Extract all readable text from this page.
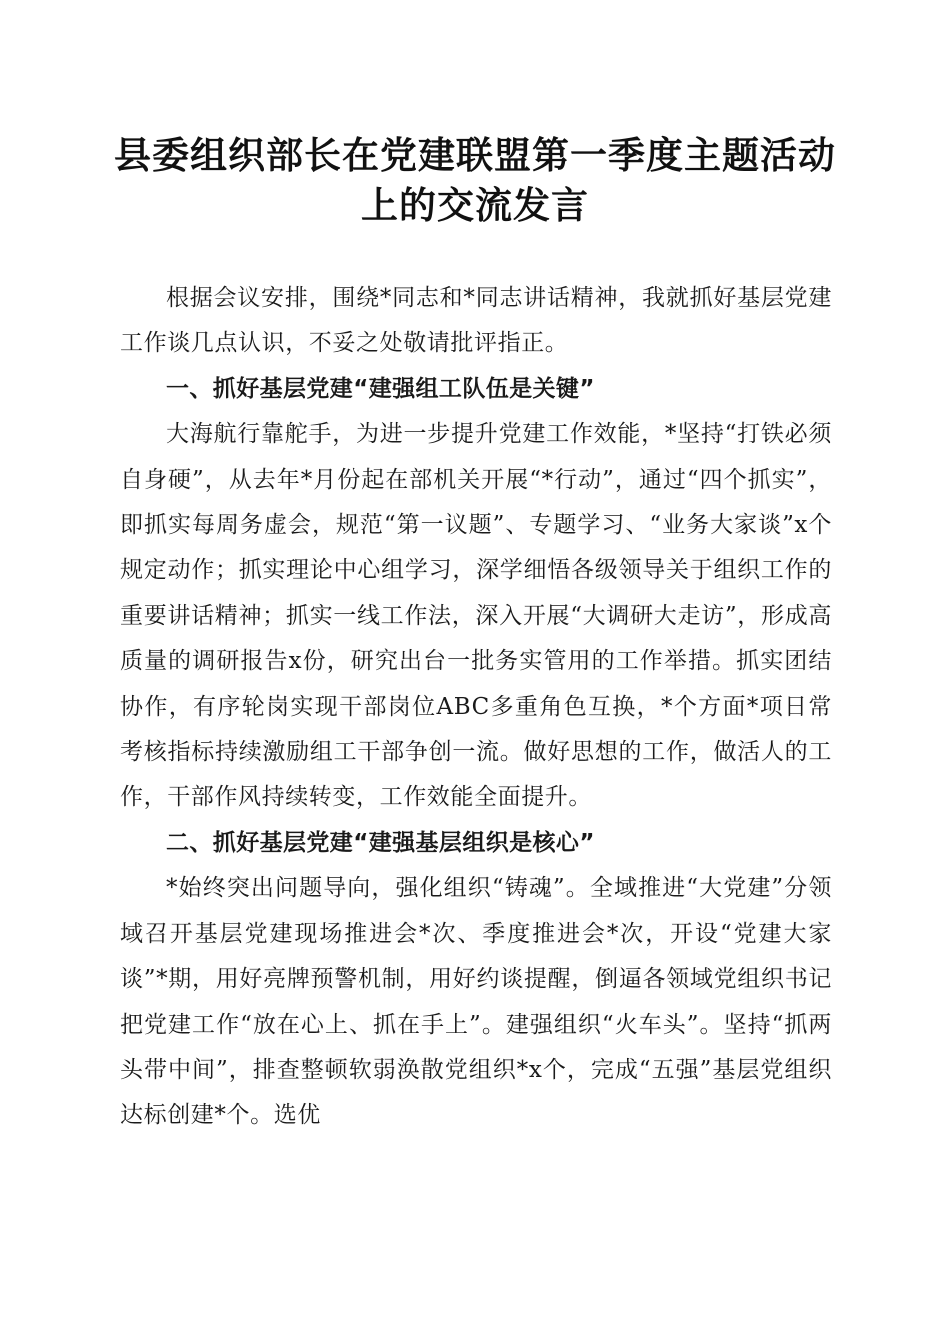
县委组织部长在党建联盟第一季度主题活动上的交流发言

根据会议安排，围绕*同志和*同志讲话精神，我就抓好基层党建工作谈几点认识，不妥之处敬请批评指正。

一、抓好基层党建“建强组工队伍是关键”

大海航行靠舵手，为进一步提升党建工作效能，*坚持“打铁必须自身硬”，从去年*月份起在部机关开展“*行动”，通过“四个抓实”，即抓实每周务虚会，规范“第一议题”、专题学习、“业务大家谈”x个规定动作；抓实理论中心组学习，深学细悟各级领导关于组织工作的重要讲话精神；抓实一线工作法，深入开展“大调研大走访”，形成高质量的调研报告x份，研究出台一批务实管用的工作举措。抓实团结协作，有序轮岗实现干部岗位ABC多重角色互换，*个方面*项日常考核指标持续激励组工干部争创一流。做好思想的工作，做活人的工作，干部作风持续转变，工作效能全面提升。

二、抓好基层党建“建强基层组织是核心”

*始终突出问题导向，强化组织“铸魂”。全域推进“大党建”分领域召开基层党建现场推进会*次、季度推进会*次，开设“党建大家谈”*期，用好亮牌预警机制，用好约谈提醒，倒逼各领域党组织书记把党建工作“放在心上、抓在手上”。建强组织“火车头”。坚持“抓两头带中间”，排查整顿软弱涣散党组织*x个，完成“五强”基层党组织达标创建*个。选优
